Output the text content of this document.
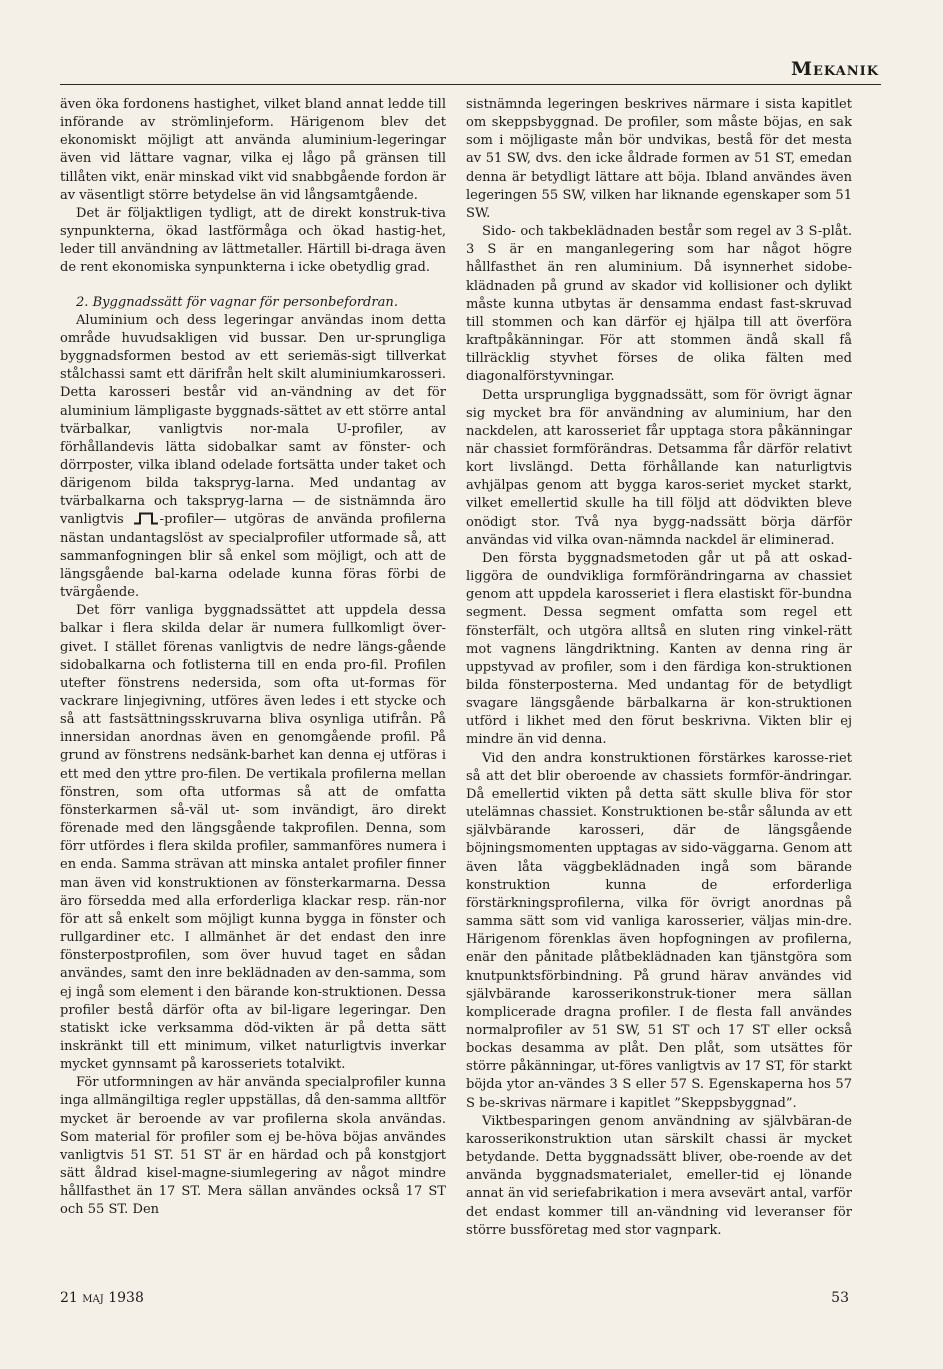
Mekanik

även öka fordonens hastighet, vilket bland annat ledde till införande av strömlinjeform. Härigenom blev det ekonomiskt möjligt att använda aluminium-legeringar även vid lättare vagnar, vilka ej lågo på gränsen till tillåten vikt, enär minskad vikt vid snabbgående fordon är av väsentligt större betydelse än vid långsamtgående.

Det är följaktligen tydligt, att de direkt konstruk-tiva synpunkterna, ökad lastförmåga och ökad hastig-het, leder till användning av lättmetaller. Härtill bi-draga även de rent ekonomiska synpunkterna i icke obetydlig grad.

2. Byggnadssätt för vagnar för personbefordran.

Aluminium och dess legeringar användas inom detta område huvudsakligen vid bussar. Den ur-sprungliga byggnadsformen bestod av ett seriemäs-sigt tillverkat stålchassi samt ett därifrån helt skilt aluminiumkarosseri. Detta karosseri består vid an-vändning av det för aluminium lämpligaste byggnads-sättet av ett större antal tvärbalkar, vanligtvis nor-mala U-profiler, av förhållandevis lätta sidobalkar samt av fönster- och dörrposter, vilka ibland odelade fortsätta under taket och därigenom bilda takspryg-larna. Med undantag av tvärbalkarna och takspryg-larna — de sistnämnda äro vanligtvis	-profiler— utgöras de använda profilerna nästan undantagslöst av specialprofiler utformade så, att sammanfogningen blir så enkel som möjligt, och att de längsgående bal-karna odelade kunna föras förbi de tvärgående.

Det förr vanliga byggnadssättet att uppdela dessa balkar i flera skilda delar är numera fullkomligt över-givet. I stället förenas vanligtvis de nedre längs-gående sidobalkarna och fotlisterna till en enda pro-fil. Profilen utefter fönstrens nedersida, som ofta ut-formas för vackrare linjegivning, utföres även ledes i ett stycke och så att fastsättningsskruvarna bliva osynliga utifrån. På innersidan anordnas även en genomgående profil. På grund av fönstrens nedsänk-barhet kan denna ej utföras i ett med den yttre pro-filen. De vertikala profilerna mellan fönstren, som ofta utformas så att de omfatta fönsterkarmen så-väl ut- som invändigt, äro direkt förenade med den längsgående takprofilen. Denna, som förr utfördes i flera skilda profiler, sammanföres numera i en enda. Samma strävan att minska antalet profiler finner man även vid konstruktionen av fönsterkarmarna. Dessa äro försedda med alla erforderliga klackar resp. rän-nor för att så enkelt som möjligt kunna bygga in fönster och rullgardiner etc. I allmänhet är det endast den inre fönsterpostprofilen, som över huvud taget en sådan användes, samt den inre beklädnaden av den-samma, som ej ingå som element i den bärande kon-struktionen. Dessa profiler bestå därför ofta av bil-ligare legeringar. Den statiskt icke verksamma död-vikten är på detta sätt inskränkt till ett minimum, vilket naturligtvis inverkar mycket gynnsamt på karosseriets totalvikt.

För utformningen av här använda specialprofiler kunna inga allmängiltiga regler uppställas, då den-samma alltför mycket är beroende av var profilerna skola användas. Som material för profiler som ej be-höva böjas användes vanligtvis 51 ST. 51 ST är en härdad och på konstgjort sätt åldrad kisel-magne-siumlegering av något mindre hållfasthet än 17 ST. Mera sällan användes också 17 ST och 55 ST. Den

sistnämnda legeringen beskrives närmare i sista kapitlet om skeppsbyggnad. De profiler, som måste böjas, en sak som i möjligaste mån bör undvikas, bestå för det mesta av 51 SW, dvs. den icke åldrade formen av 51 ST, emedan denna är betydligt lättare att böja. Ibland användes även legeringen 55 SW, vilken har liknande egenskaper som 51 SW.

Sido- och takbeklädnaden består som regel av 3 S-plåt. 3 S är en manganlegering som har något högre hållfasthet än ren aluminium. Då isynnerhet sidobe-klädnaden på grund av skador vid kollisioner och dylikt måste kunna utbytas är densamma endast fast-skruvad till stommen och kan därför ej hjälpa till att överföra kraftpåkänningar. För att stommen ändå skall få tillräcklig styvhet förses de olika fälten med diagonalförstyvningar.

Detta ursprungliga byggnadssätt, som för övrigt ägnar sig mycket bra för användning av aluminium, har den nackdelen, att karosseriet får upptaga stora påkänningar när chassiet formförändras. Detsamma får därför relativt kort livslängd. Detta förhållande kan naturligtvis avhjälpas genom att bygga karos-seriet mycket starkt, vilket emellertid skulle ha till följd att dödvikten bleve onödigt stor. Två nya bygg-nadssätt börja därför användas vid vilka ovan-nämnda nackdel är eliminerad.

Den första byggnadsmetoden går ut på att oskad-liggöra de oundvikliga formförändringarna av chassiet genom att uppdela karosseriet i flera elastiskt för-bundna segment. Dessa segment omfatta som regel ett fönsterfält, och utgöra alltså en sluten ring vinkel-rätt mot vagnens längdriktning. Kanten av denna ring är uppstyvad av profiler, som i den färdiga kon-struktionen bilda fönsterposterna. Med undantag för de betydligt svagare längsgående bärbalkarna är kon-struktionen utförd i likhet med den förut beskrivna. Vikten blir ej mindre än vid denna.

Vid den andra konstruktionen förstärkes karosse-riet så att det blir oberoende av chassiets formför-ändringar. Då emellertid vikten på detta sätt skulle bliva för stor utelämnas chassiet. Konstruktionen be-står sålunda av ett självbärande karosseri, där de längsgående böjningsmomenten upptagas av sido-väggarna. Genom att även låta väggbeklädnaden ingå som bärande konstruktion kunna de erforderliga förstärkningsprofilerna, vilka för övrigt anordnas på samma sätt som vid vanliga karosserier, väljas min-dre. Härigenom förenklas även hopfogningen av profilerna, enär den pånitade plåtbeklädnaden kan tjänstgöra som knutpunktsförbindning. På grund härav användes vid självbärande karosserikonstruk-tioner mera sällan komplicerade dragna profiler. I de flesta fall användes normalprofiler av 51 SW, 51 ST och 17 ST eller också bockas desamma av plåt. Den plåt, som utsättes för större påkänningar, ut-föres vanligtvis av 17 ST, för starkt böjda ytor an-vändes 3 S eller 57 S. Egenskaperna hos 57 S be-skrivas närmare i kapitlet ”Skeppsbyggnad”.

Viktbesparingen genom användning av självbäran-de karosserikonstruktion utan särskilt chassi är mycket betydande. Detta byggnadssätt bliver, obe-roende av det använda byggnadsmaterialet, emeller-tid ej lönande annat än vid seriefabrikation i mera avsevärt antal, varför det endast kommer till an-vändning vid leveranser för större bussföretag med stor vagnpark.

21 maj 1938	53
